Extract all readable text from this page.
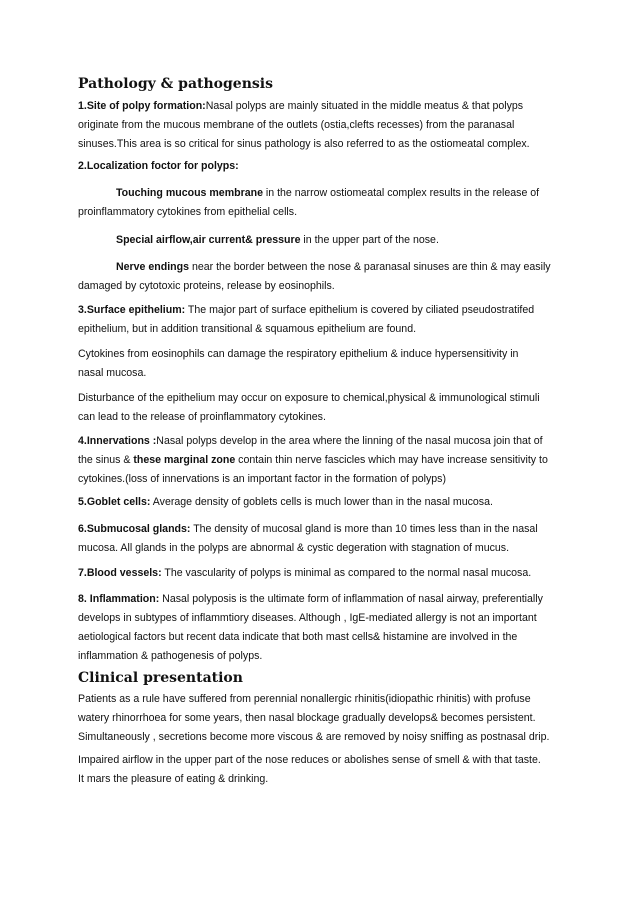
Pathology & pathogensis
1.Site of polpy formation:Nasal polyps are mainly situated in the middle meatus & that polyps
originate from the mucous membrane of the outlets (ostia,clefts recesses) from the paranasal
sinuses.This area is so critical for sinus pathology is also referred to as the ostiomeatal complex.
2.Localization foctor for polyps:
Touching mucous membrane in the narrow ostiomeatal complex results in the release of
proinflammatory cytokines from epithelial cells.
Special airflow,air current& pressure in the upper part of the nose.
Nerve endings near the border between the nose & paranasal sinuses are thin & may easily
damaged by cytotoxic proteins, release by eosinophils.
3.Surface epithelium: The major part of surface epithelium is covered by ciliated pseudostratifed
epithelium, but in addition transitional & squamous epithelium are found.
Cytokines from eosinophils can damage the respiratory epithelium & induce hypersensitivity in
nasal mucosa.
Disturbance of the epithelium may occur on exposure to chemical,physical & immunological stimuli
can lead to the release of proinflammatory cytokines.
4.Innervations :Nasal polyps develop in the area where the linning of the nasal mucosa join that of
the sinus & these marginal zone contain thin nerve fascicles which may have increase sensitivity to
cytokines.(loss of innervations is an important factor in the formation of polyps)
5.Goblet cells: Average density of goblets cells is much lower than in the nasal mucosa.
6.Submucosal glands: The density of mucosal gland is more than 10 times less than in the nasal
mucosa. All glands in the polyps are abnormal & cystic degeration with stagnation of mucus.
7.Blood vessels: The vascularity of polyps is minimal as compared to the normal nasal mucosa.
8. Inflammation: Nasal polyposis is the ultimate form of inflammation of nasal airway, preferentially
develops in subtypes of inflammtiory diseases. Although , IgE-mediated allergy is not an important
aetiological factors but recent data indicate that both mast cells& histamine are involved in the
inflammation & pathogenesis of polyps.
Clinical presentation
Patients as a rule have suffered from perennial nonallergic rhinitis(idiopathic rhinitis) with profuse
watery rhinorrhoea for some years, then nasal blockage gradually develops& becomes persistent.
Simultaneously , secretions become more viscous & are removed by noisy sniffing as postnasal drip.
Impaired airflow in the upper part of the nose reduces or abolishes sense of smell & with that taste.
It mars the pleasure of eating & drinking.
